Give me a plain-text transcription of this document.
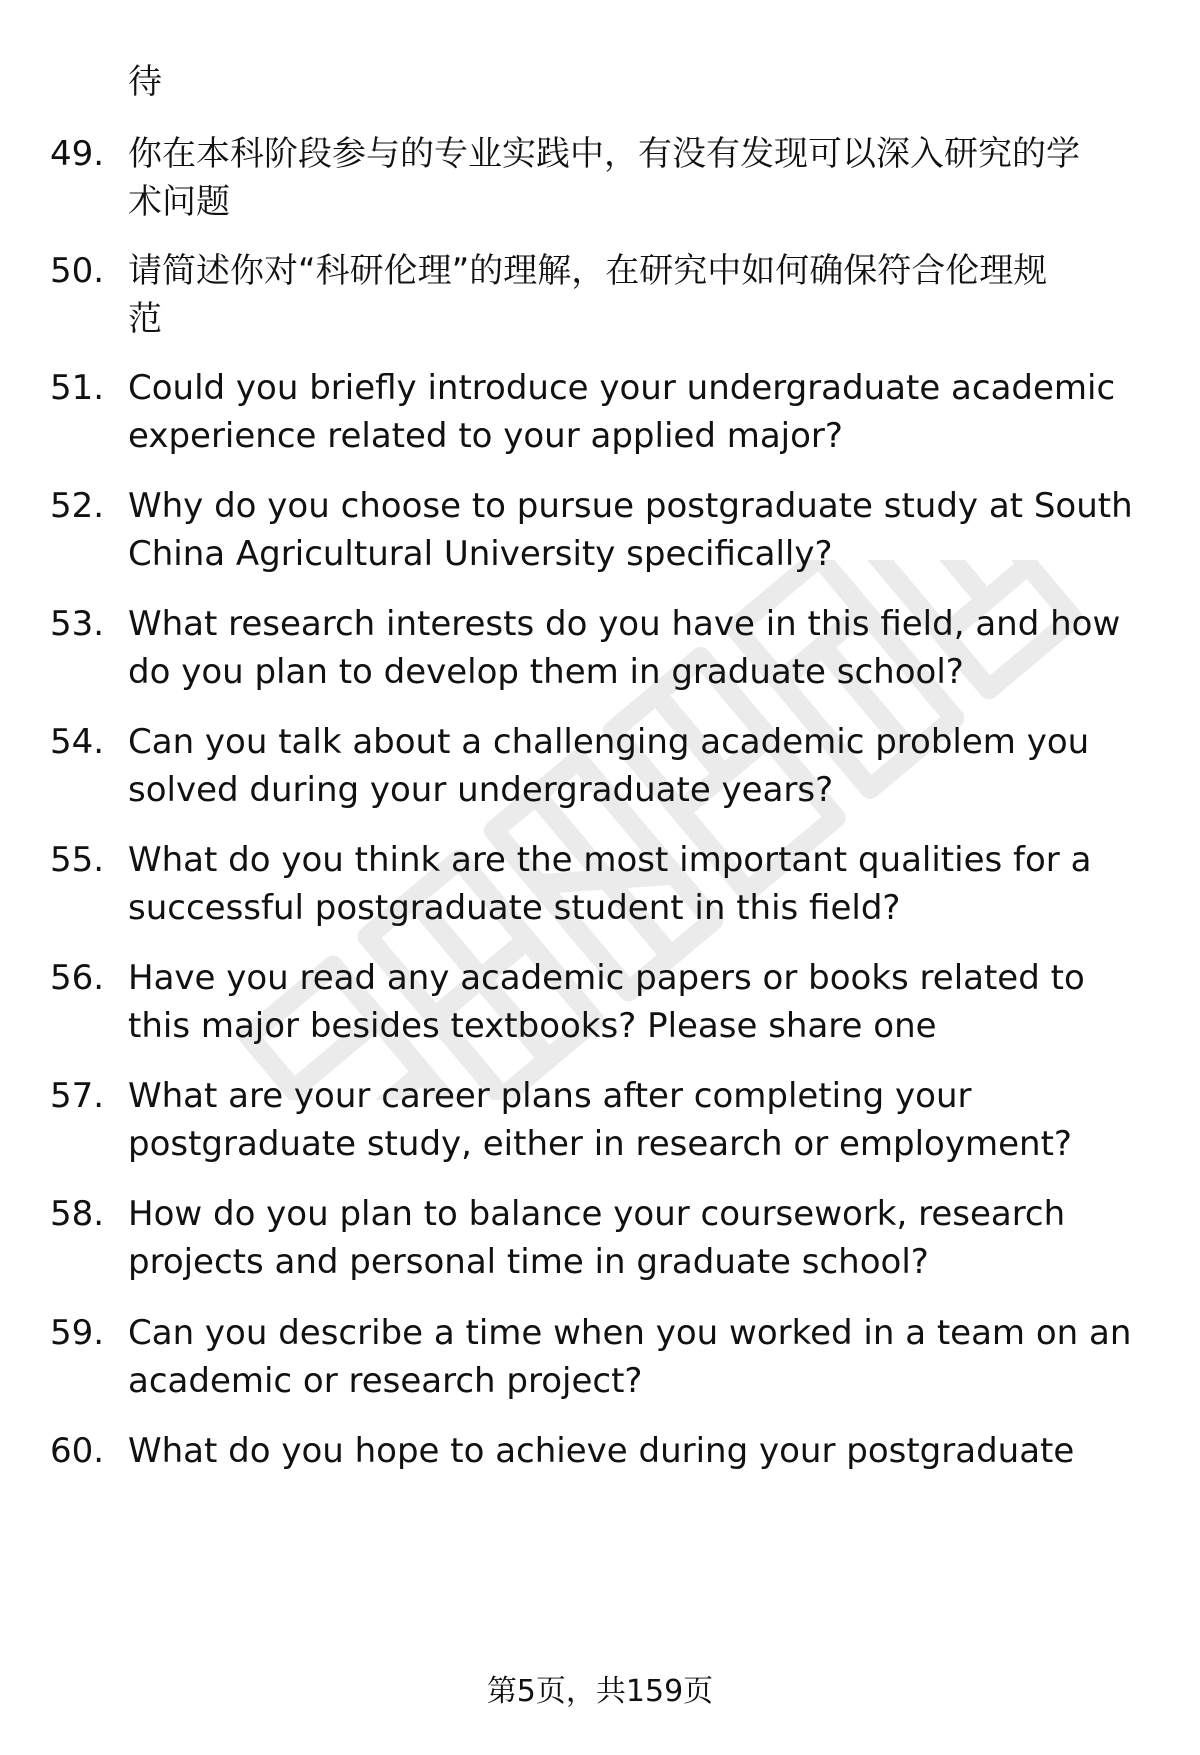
待
49. 你在本科阶段参与的专业实践中，有没有发现可以深入研究的学
术问题
50. 请简述你对“科研伦理”的理解，在研究中如何确保符合伦理规
范
51. Could you briefly introduce your undergraduate academic
experience related to your applied major?
52. Why do you choose to pursue postgraduate study at South
China Agricultural University specifically?
53. What research interests do you have in this field, and how
do you plan to develop them in graduate school?
54. Can you talk about a challenging academic problem you
solved during your undergraduate years?
55. What do you think are the most important qualities for a
successful postgraduate student in this field?
56. Have you read any academic papers or books related to
this major besides textbooks? Please share one
57. What are your career plans after completing your
postgraduate study, either in research or employment?
58. How do you plan to balance your coursework, research
projects and personal time in graduate school?
59. Can you describe a time when you worked in a team on an
academic or research project?
60. What do you hope to achieve during your postgraduate
第5页，共159页
